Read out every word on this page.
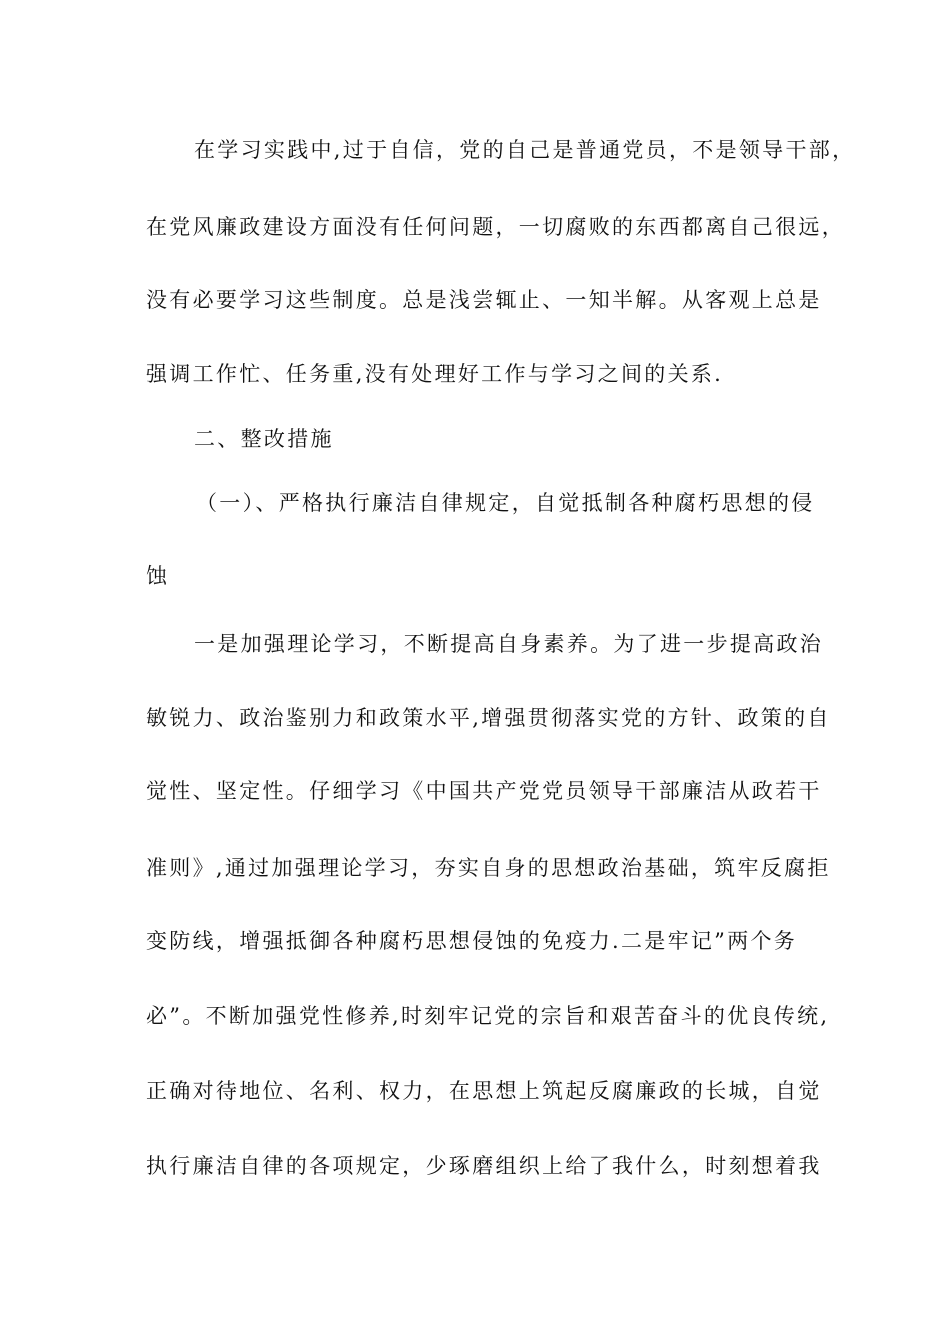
在学习实践中,过于自信，党的自己是普通党员，不是领导干部，
在党风廉政建设方面没有任何问题，一切腐败的东西都离自己很远，
没有必要学习这些制度。总是浅尝辄止、一知半解。从客观上总是
强调工作忙、任务重,没有处理好工作与学习之间的关系.
二、整改措施
（一）、严格执行廉洁自律规定，自觉抵制各种腐朽思想的侵
蚀
一是加强理论学习，不断提高自身素养。为了进一步提高政治
敏锐力、政治鉴别力和政策水平,增强贯彻落实党的方针、政策的自
觉性、坚定性。仔细学习《中国共产党党员领导干部廉洁从政若干
准则》,通过加强理论学习，夯实自身的思想政治基础，筑牢反腐拒
变防线，增强抵御各种腐朽思想侵蚀的免疫力.二是牢记”两个务
必”。不断加强党性修养,时刻牢记党的宗旨和艰苦奋斗的优良传统,
正确对待地位、名利、权力，在思想上筑起反腐廉政的长城，自觉
执行廉洁自律的各项规定，少琢磨组织上给了我什么，时刻想着我
